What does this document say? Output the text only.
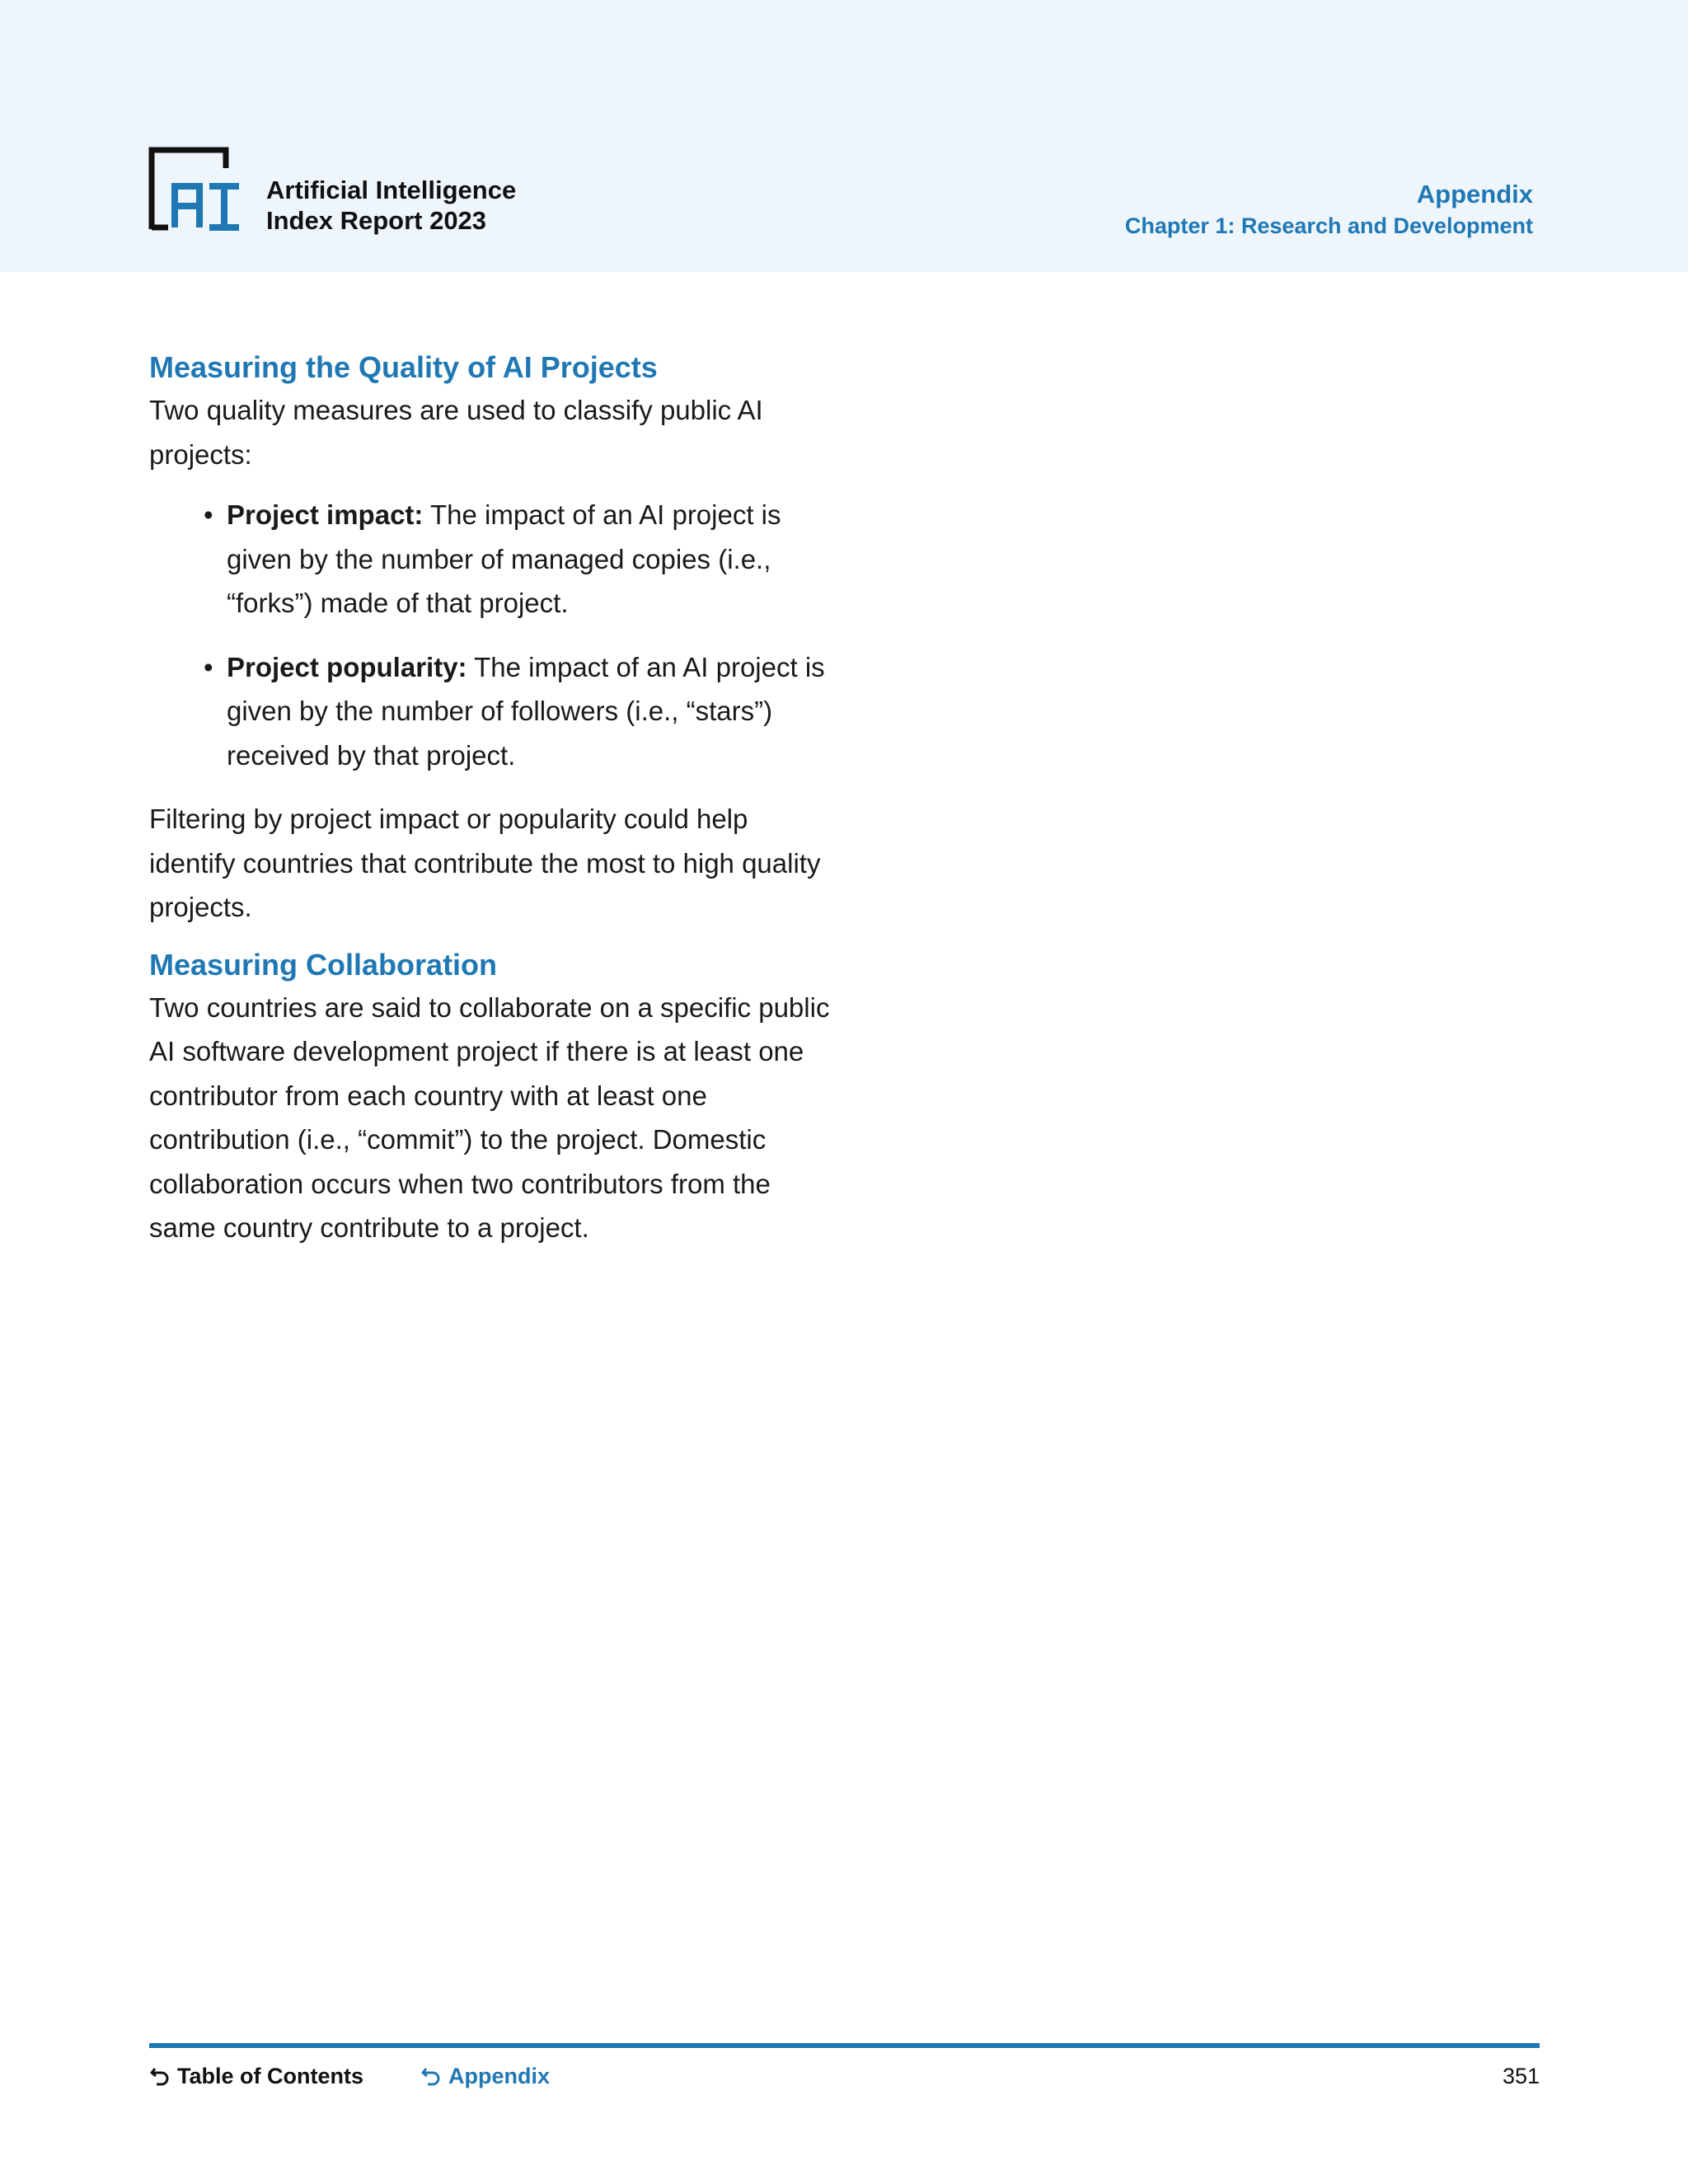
Artificial Intelligence
Index Report 2023
Appendix
Chapter 1: Research and Development
Measuring the Quality of AI Projects

Two quality measures are used to classify public AI projects:

• Project impact: The impact of an AI project is given by the number of managed copies (i.e., “forks”) made of that project.
• Project popularity: The impact of an AI project is given by the number of followers (i.e., “stars”) received by that project.

Filtering by project impact or popularity could help identify countries that contribute the most to high quality projects.

Measuring Collaboration

Two countries are said to collaborate on a specific public AI software development project if there is at least one contributor from each country with at least one contribution (i.e., “commit”) to the project. Domestic collaboration occurs when two contributors from the same country contribute to a project.

Table of Contents	Appendix	351
